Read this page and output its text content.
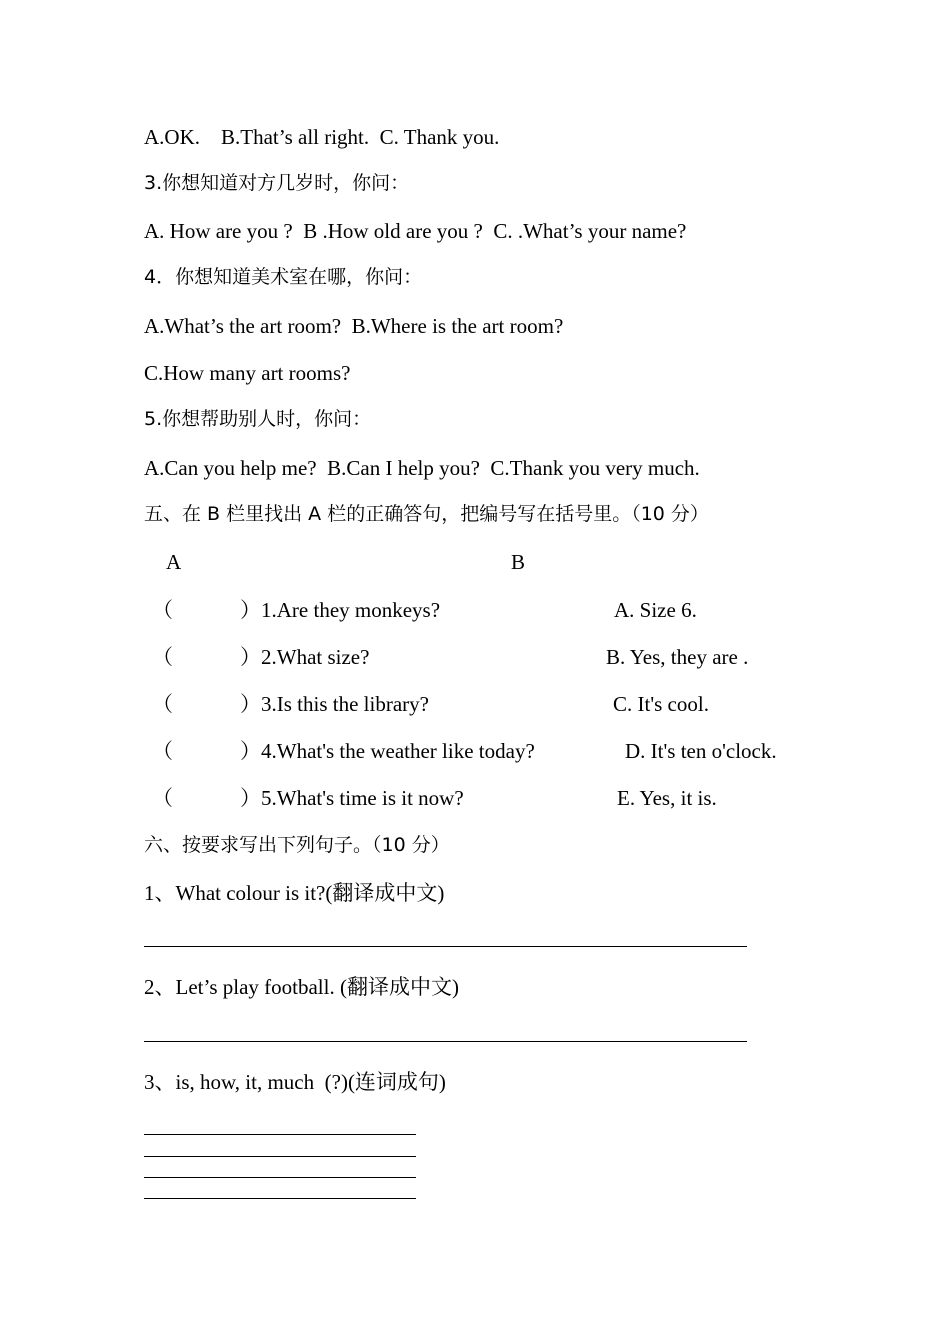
A.OK.    B.That’s all right.  C. Thank you.
3.你想知道对方几岁时，你问：
A. How are you ?  B .How old are you ?  C. .What’s your name?
4．你想知道美术室在哪，你问：
A.What’s the art room?  B.Where is the art room?
C.How many art rooms?
5.你想帮助别人时，你问：
A.Can you help me?  B.Can I help you?  C.Thank you very much.
五、在 B 栏里找出 A 栏的正确答句，把编号写在括号里。（10 分）
A	B
（	） 1.Are they monkeys?	A. Size 6.
（	） 2.What size?	B. Yes, they are .
（	） 3.Is this the library?	C. It's cool.
（	） 4.What's the weather like today?	D. It's ten o'clock.
（	） 5.What's time is it now?	E. Yes, it is.
六、按要求写出下列句子。（10 分）
1、What colour is it?(翻译成中文)
2、Let’s play football. (翻译成中文)
3、is, how, it, much  (?)(连词成句)
